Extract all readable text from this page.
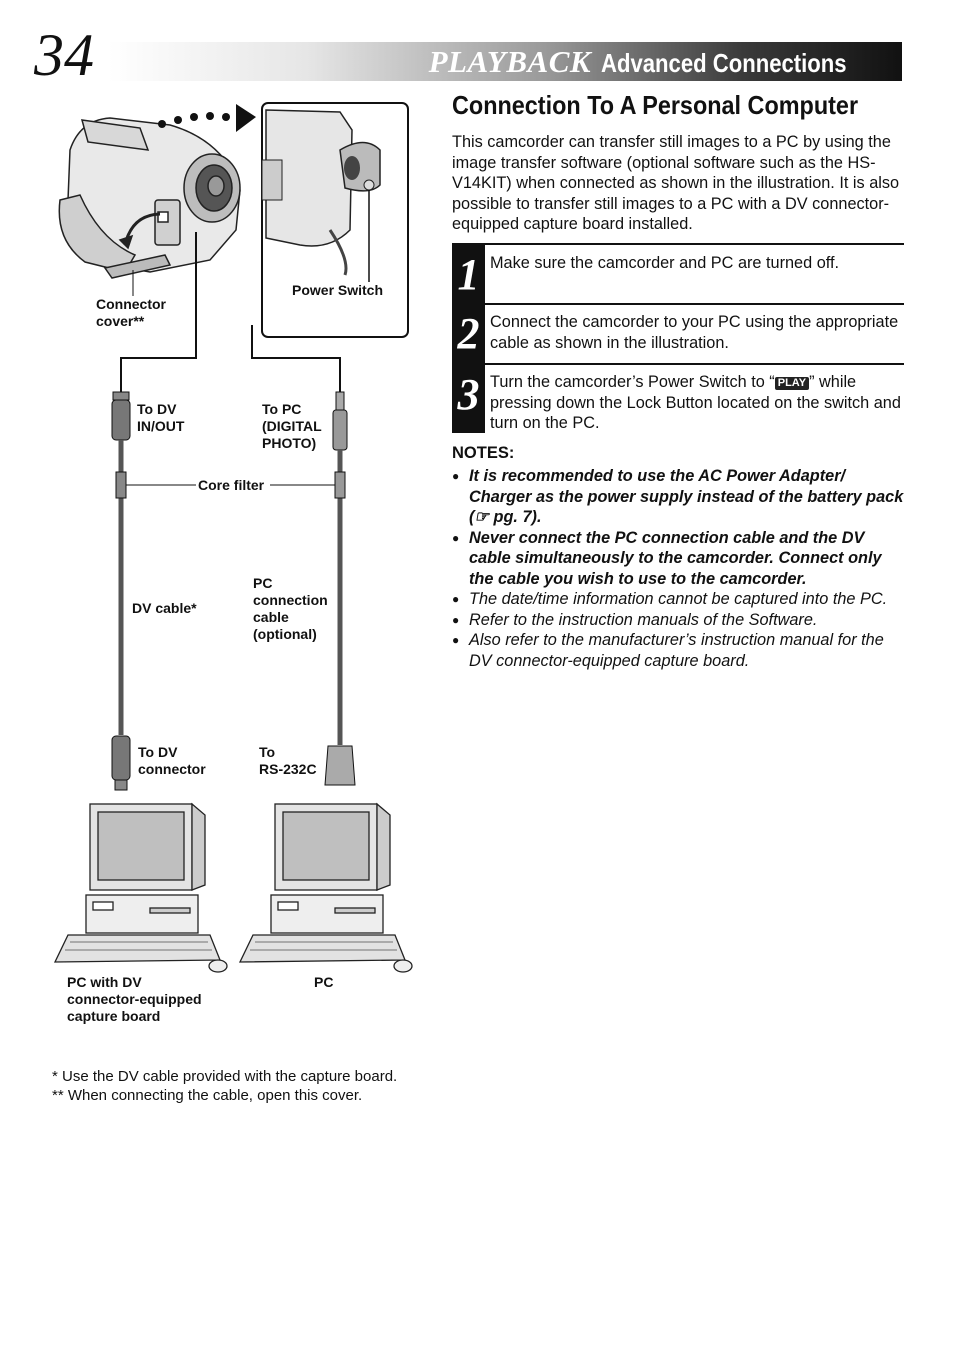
34	PLAYBACK Advanced Connections
Connection To A Personal Computer
This camcorder can transfer still images to a PC by using the image transfer software (optional software such as the HS-V14KIT) when connected as shown in the illustration. It is also possible to transfer still images to a PC with a DV connector-equipped capture board installed.
1 Make sure the camcorder and PC are turned off.
2 Connect the camcorder to your PC using the appropriate cable as shown in the illustration.
3 Turn the camcorder’s Power Switch to “ PLAY ” while pressing down the Lock Button located on the switch and turn on the PC.
NOTES:
● It is recommended to use the AC Power Adapter/ Charger as the power supply instead of the battery pack (☞ pg. 7).
● Never connect the PC connection cable and the DV cable simultaneously to the camcorder. Connect only the cable you wish to use to the camcorder.
● The date/time information cannot be captured into the PC.
● Refer to the instruction manuals of the Software.
● Also refer to the manufacturer’s instruction manual for the DV connector-equipped capture board.
Connector
cover**
Power Switch
To DV
IN/OUT
To PC
(DIGITAL
PHOTO)
Core filter
DV cable*
PC
connection
cable
(optional)
To DV
connector
To
RS-232C
PC with DV
connector-equipped
capture board
PC
* Use the DV cable provided with the capture board.
** When connecting the cable, open this cover.
